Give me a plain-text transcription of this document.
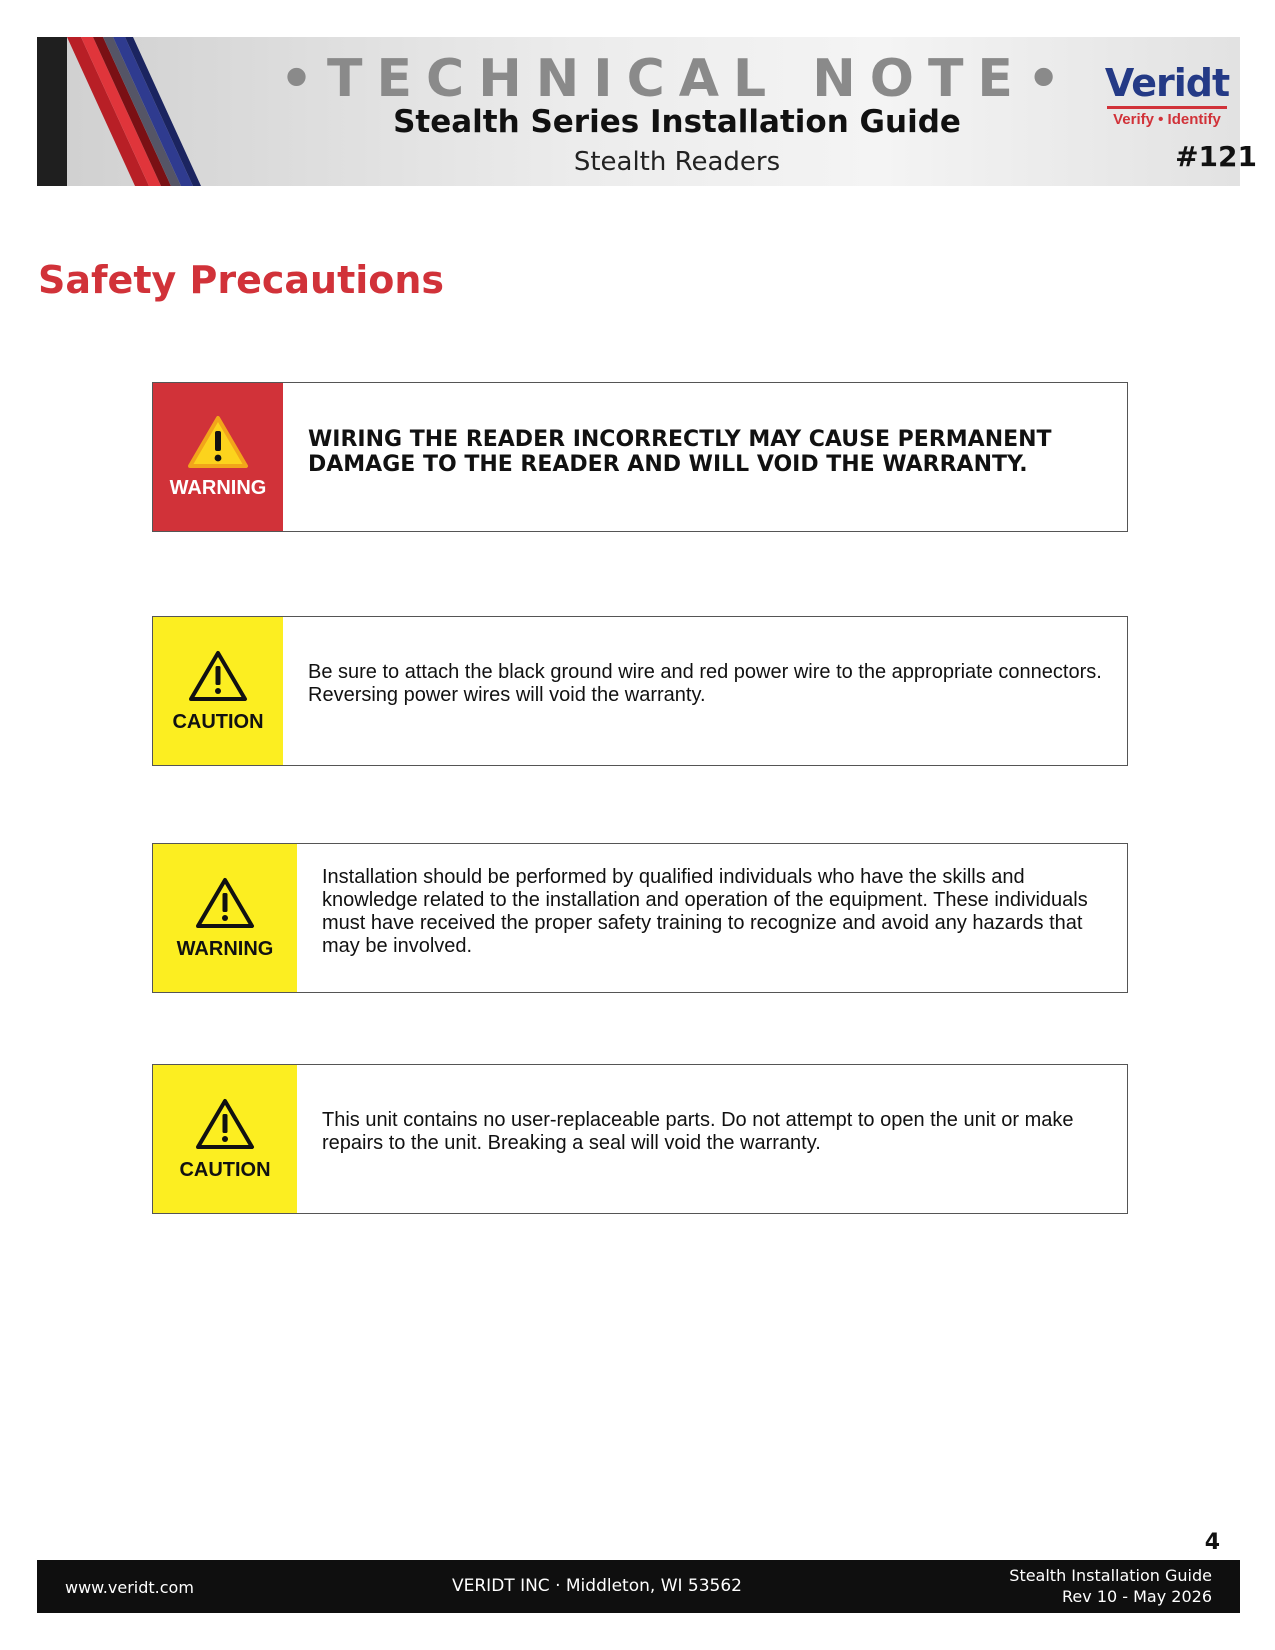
•TECHNICAL NOTE•
Stealth Series Installation Guide
Stealth Readers
Veridt
Verify • Identify
#121
Safety Precautions
WARNING
WIRING THE READER INCORRECTLY MAY CAUSE PERMANENT DAMAGE TO THE READER AND WILL VOID THE WARRANTY.
CAUTION
Be sure to attach the black ground wire and red power wire to the appropriate connectors. Reversing power wires will void the warranty.
WARNING
Installation should be performed by qualified individuals who have the skills and knowledge related to the installation and operation of the equipment. These individuals must have received the proper safety training to recognize and avoid any hazards that may be involved.
CAUTION
This unit contains no user-replaceable parts. Do not attempt to open the unit or make repairs to the unit. Breaking a seal will void the warranty.
4
www.veridt.com	VERIDT INC · Middleton, WI 53562
Stealth Installation Guide
Rev 10 - May 2026
